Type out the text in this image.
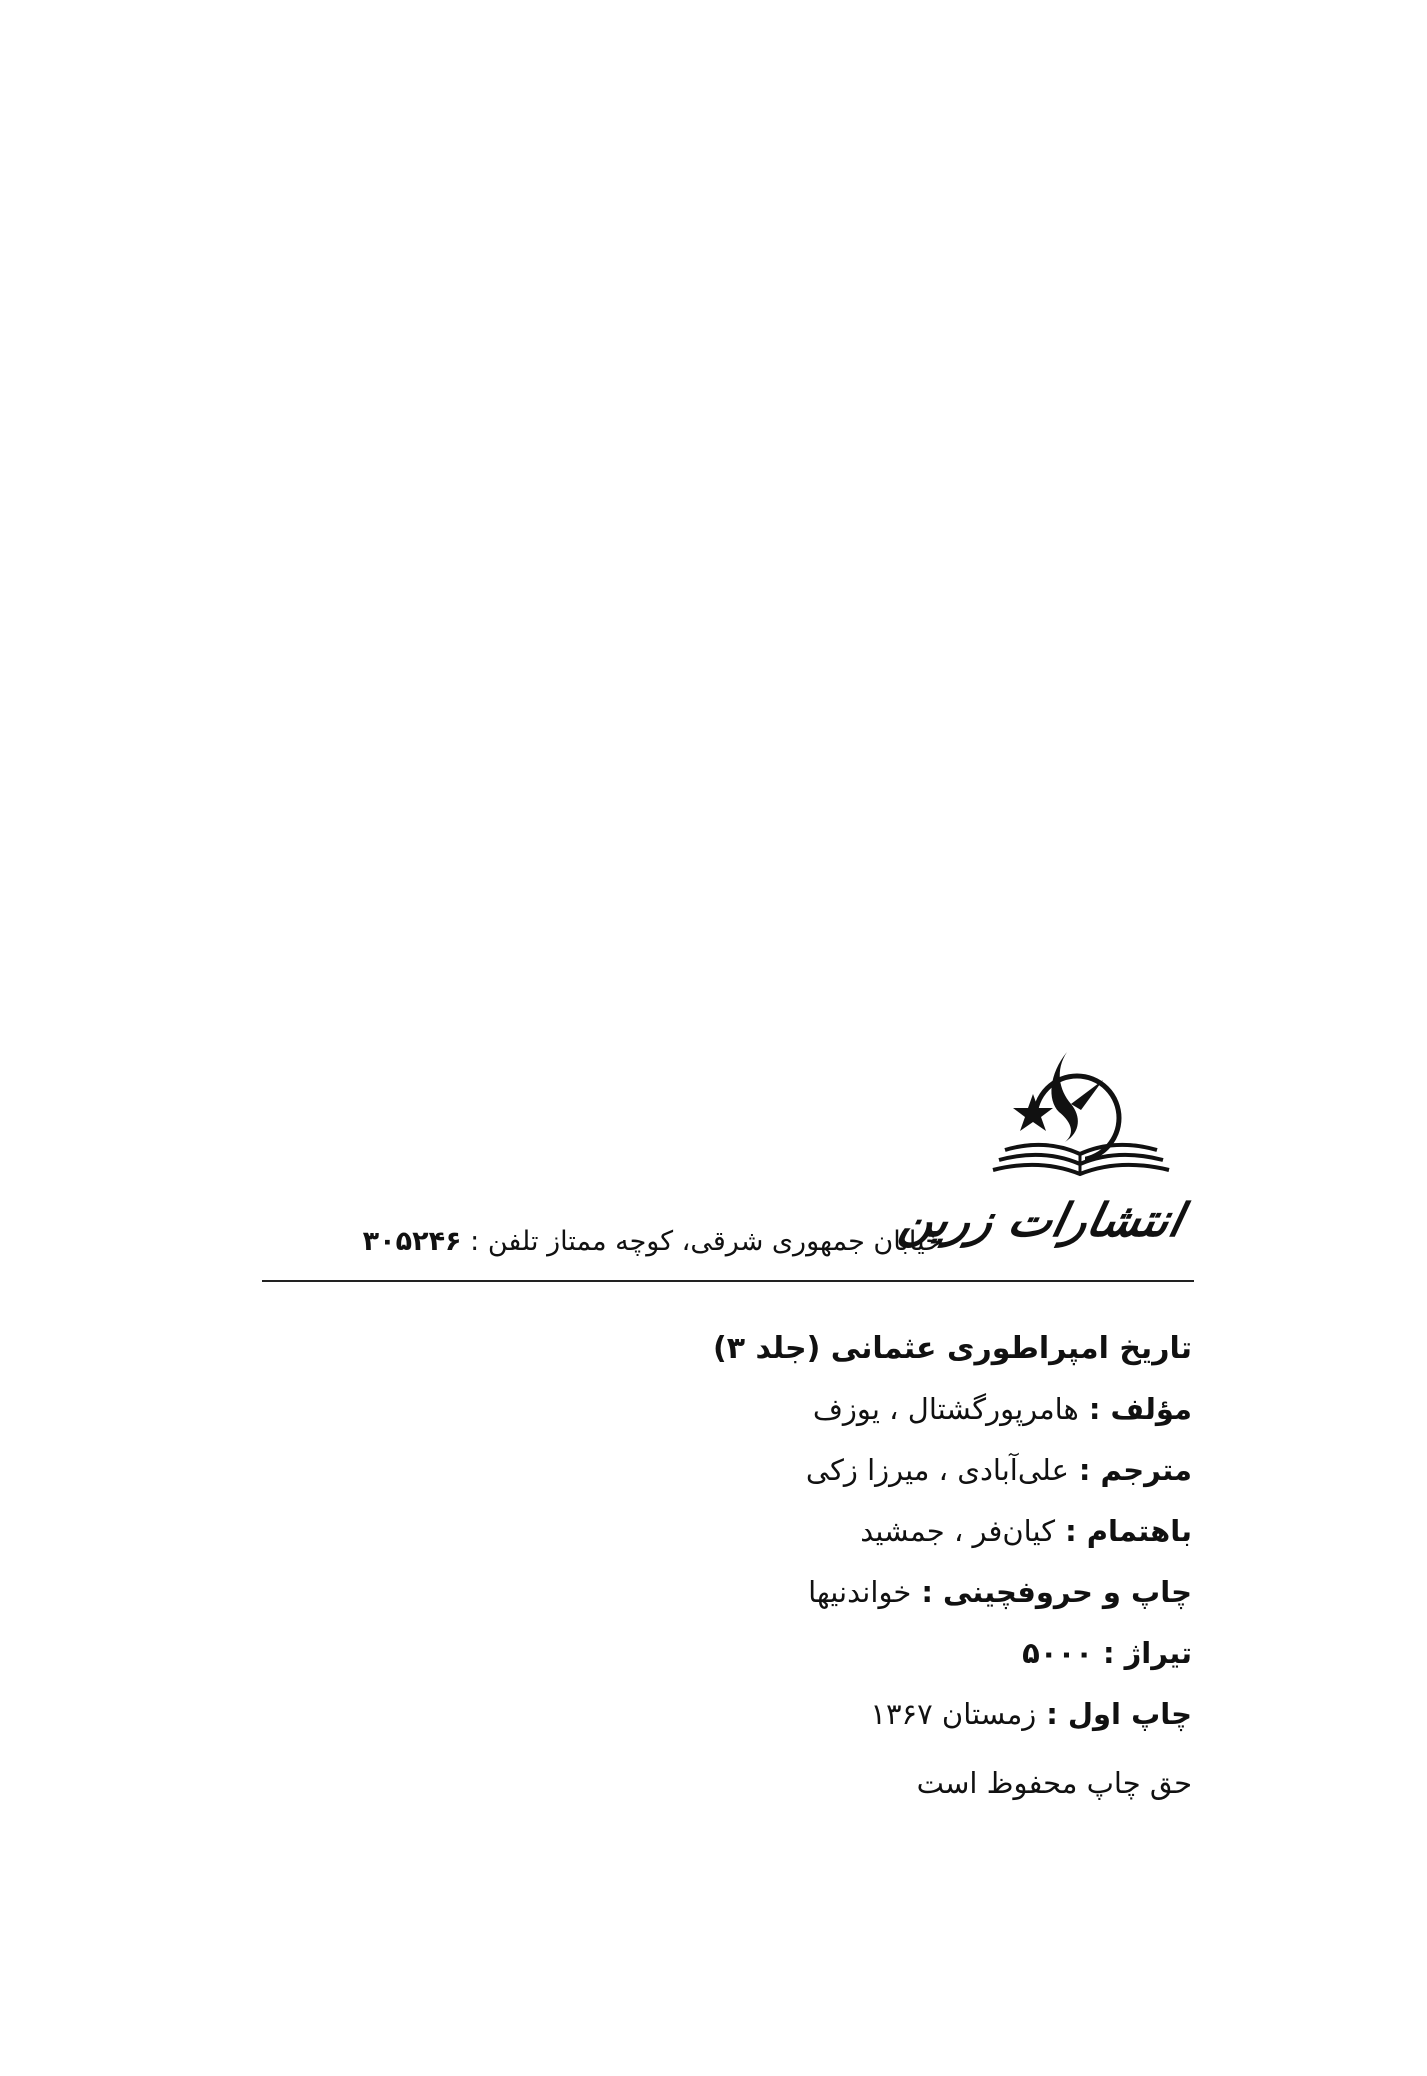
انتشارات زرین
خیابان جمهوری شرقی، کوچه ممتاز تلفن : ۳۰۵۲۴۶
تاریخ امپراطوری عثمانی (جلد ۳)
مؤلف:هامرپورگشتال ، یوزف
مترجم:علی‌آبادی ، میرزا زکی
باهتمام:کیان‌فر ، جمشید
چاپ و حروفچینی:خواندنیها
تیراژ:۵۰۰۰
چاپ اول:زمستان ۱۳۶۷
حق چاپ محفوظ است
